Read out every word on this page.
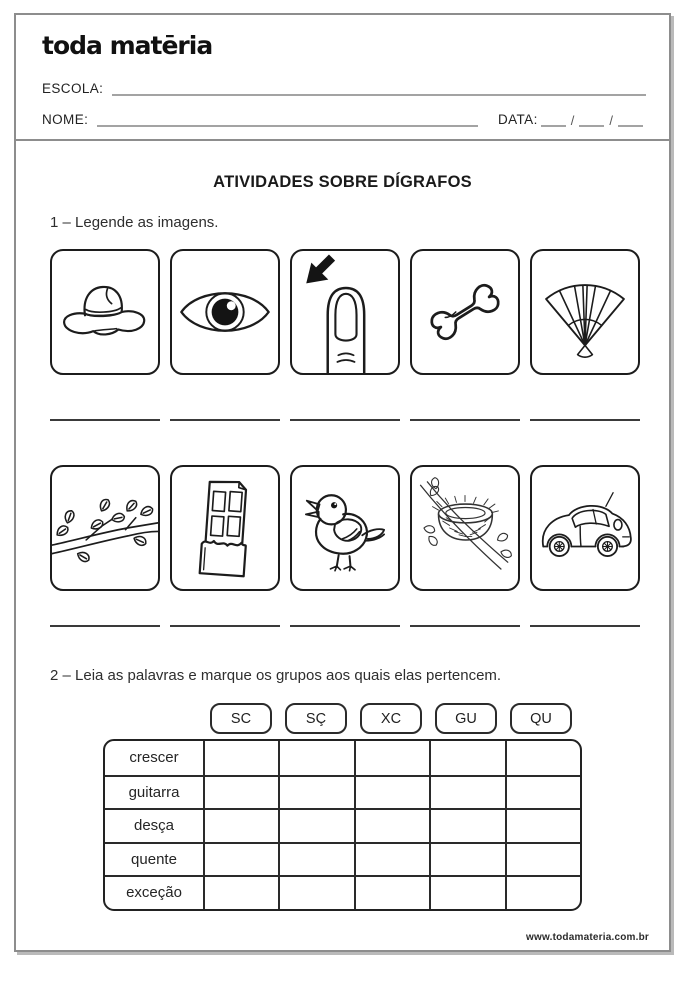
toda matēria
ESCOLA:
NOME:	DATA:	/	/
ATIVIDADES SOBRE DÍGRAFOS
1 – Legende as imagens.
2 – Leia as palavras e marque os grupos aos quais elas pertencem.
SC	SÇ	XC	GU	QU
crescer
guitarra
desça
quente
exceção
www.todamateria.com.br
